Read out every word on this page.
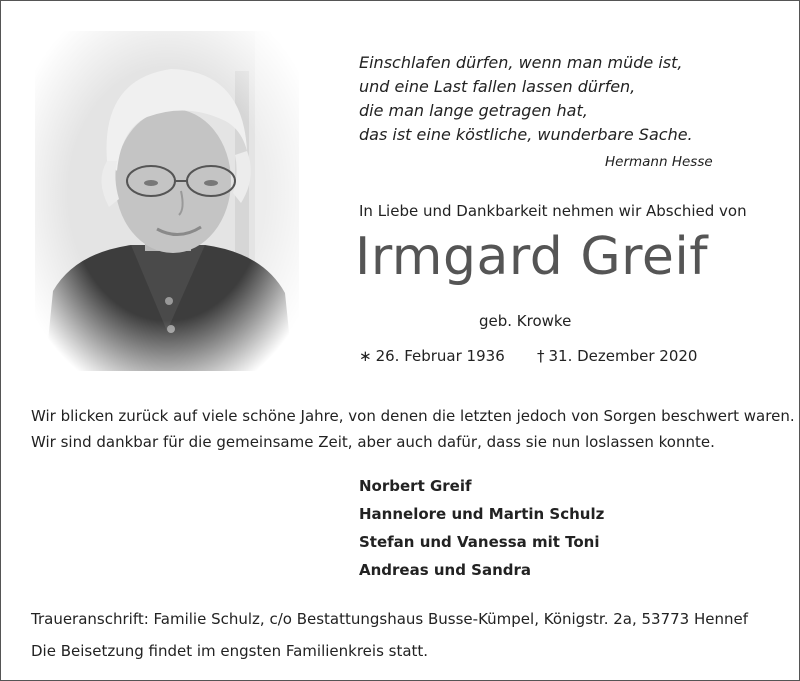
Einschlafen dürfen, wenn man müde ist,
und eine Last fallen lassen dürfen,
die man lange getragen hat,
das ist eine köstliche, wunderbare Sache.
Hermann Hesse
In Liebe und Dankbarkeit nehmen wir Abschied von
Irmgard Greif
geb. Krowke
∗ 26. Februar 1936 † 31. Dezember 2020
Wir blicken zurück auf viele schöne Jahre, von denen die letzten jedoch von Sorgen beschwert waren.
Wir sind dankbar für die gemeinsame Zeit, aber auch dafür, dass sie nun loslassen konnte.
Norbert Greif
Hannelore und Martin Schulz
Stefan und Vanessa mit Toni
Andreas und Sandra
Traueranschrift: Familie Schulz, c/o Bestattungshaus Busse-Kümpel, Königstr. 2a, 53773 Hennef
Die Beisetzung findet im engsten Familienkreis statt.
